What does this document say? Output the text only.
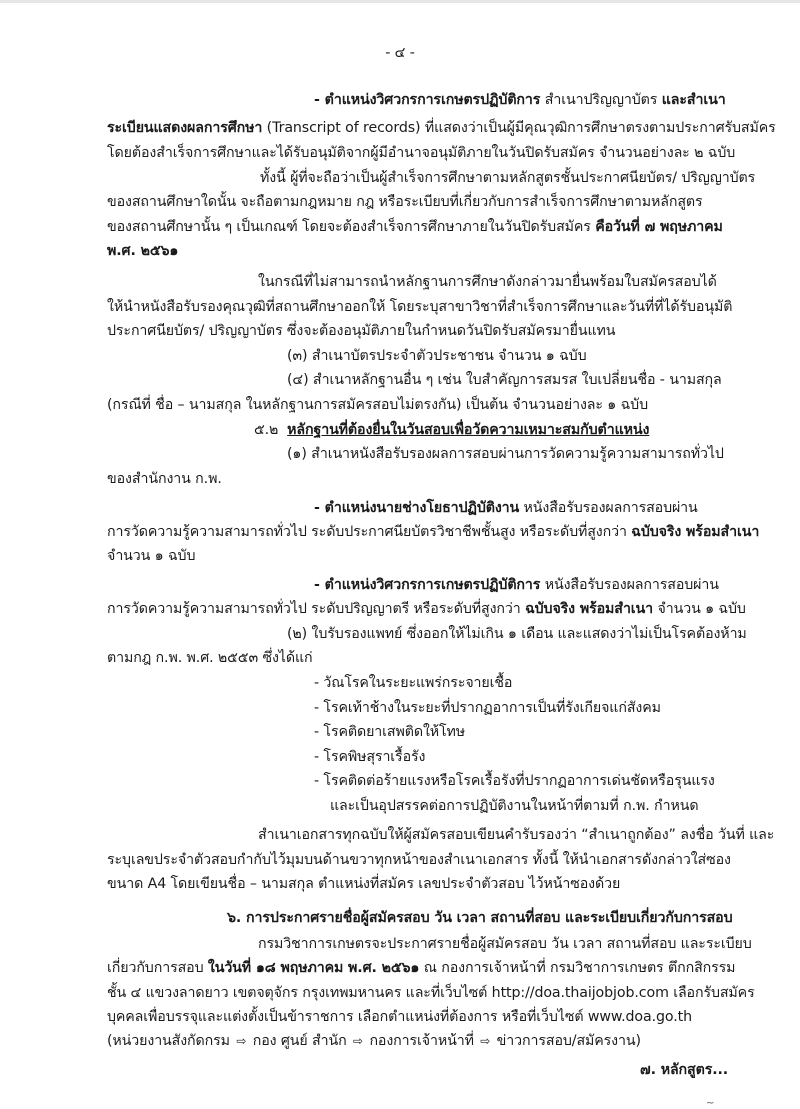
- ๔ -
- ตำแหน่งวิศวกรการเกษตรปฏิบัติการ สำเนาปริญญาบัตร และสำเนา
ระเบียนแสดงผลการศึกษา (Transcript of records) ที่แสดงว่าเป็นผู้มีคุณวุฒิการศึกษาตรงตามประกาศรับสมัคร
โดยต้องสำเร็จการศึกษาและได้รับอนุมัติจากผู้มีอำนาจอนุมัติภายในวันปิดรับสมัคร จำนวนอย่างละ ๒ ฉบับ
ทั้งนี้ ผู้ที่จะถือว่าเป็นผู้สำเร็จการศึกษาตามหลักสูตรชั้นประกาศนียบัตร/ ปริญญาบัตร
ของสถานศึกษาใดนั้น จะถือตามกฎหมาย กฎ หรือระเบียบที่เกี่ยวกับการสำเร็จการศึกษาตามหลักสูตร
ของสถานศึกษานั้น ๆ เป็นเกณฑ์ โดยจะต้องสำเร็จการศึกษาภายในวันปิดรับสมัคร คือวันที่ ๗ พฤษภาคม
พ.ศ. ๒๕๖๑
ในกรณีที่ไม่สามารถนำหลักฐานการศึกษาดังกล่าวมายื่นพร้อมใบสมัครสอบได้
ให้นำหนังสือรับรองคุณวุฒิที่สถานศึกษาออกให้ โดยระบุสาขาวิชาที่สำเร็จการศึกษาและวันที่ที่ได้รับอนุมัติ
ประกาศนียบัตร/ ปริญญาบัตร ซึ่งจะต้องอนุมัติภายในกำหนดวันปิดรับสมัครมายื่นแทน
(๓) สำเนาบัตรประจำตัวประชาชน จำนวน ๑ ฉบับ
(๔) สำเนาหลักฐานอื่น ๆ เช่น ใบสำคัญการสมรส ใบเปลี่ยนชื่อ - นามสกุล
(กรณีที่ ชื่อ – นามสกุล ในหลักฐานการสมัครสอบไม่ตรงกัน) เป็นต้น จำนวนอย่างละ ๑ ฉบับ
๕.๒ หลักฐานที่ต้องยื่นในวันสอบเพื่อวัดความเหมาะสมกับตำแหน่ง
(๑) สำเนาหนังสือรับรองผลการสอบผ่านการวัดความรู้ความสามารถทั่วไป
ของสำนักงาน ก.พ.
- ตำแหน่งนายช่างโยธาปฏิบัติงาน หนังสือรับรองผลการสอบผ่าน
การวัดความรู้ความสามารถทั่วไป ระดับประกาศนียบัตรวิชาชีพชั้นสูง หรือระดับที่สูงกว่า ฉบับจริง พร้อมสำเนา
จำนวน ๑ ฉบับ
- ตำแหน่งวิศวกรการเกษตรปฏิบัติการ หนังสือรับรองผลการสอบผ่าน
การวัดความรู้ความสามารถทั่วไป ระดับปริญญาตรี หรือระดับที่สูงกว่า ฉบับจริง พร้อมสำเนา จำนวน ๑ ฉบับ
(๒) ใบรับรองแพทย์ ซึ่งออกให้ไม่เกิน ๑ เดือน และแสดงว่าไม่เป็นโรคต้องห้าม
ตามกฎ ก.พ. พ.ศ. ๒๕๕๓ ซึ่งได้แก่
- วัณโรคในระยะแพร่กระจายเชื้อ
- โรคเท้าช้างในระยะที่ปรากฏอาการเป็นที่รังเกียจแก่สังคม
- โรคติดยาเสพติดให้โทษ
- โรคพิษสุราเรื้อรัง
- โรคติดต่อร้ายแรงหรือโรคเรื้อรังที่ปรากฏอาการเด่นชัดหรือรุนแรง
และเป็นอุปสรรคต่อการปฏิบัติงานในหน้าที่ตามที่ ก.พ. กำหนด
สำเนาเอกสารทุกฉบับให้ผู้สมัครสอบเขียนคำรับรองว่า “สำเนาถูกต้อง” ลงชื่อ วันที่ และ
ระบุเลขประจำตัวสอบกำกับไว้มุมบนด้านขวาทุกหน้าของสำเนาเอกสาร ทั้งนี้ ให้นำเอกสารดังกล่าวใส่ซอง
ขนาด A4 โดยเขียนชื่อ – นามสกุล ตำแหน่งที่สมัคร เลขประจำตัวสอบ ไว้หน้าซองด้วย
๖. การประกาศรายชื่อผู้สมัครสอบ วัน เวลา สถานที่สอบ และระเบียบเกี่ยวกับการสอบ
กรมวิชาการเกษตรจะประกาศรายชื่อผู้สมัครสอบ วัน เวลา สถานที่สอบ และระเบียบ
เกี่ยวกับการสอบ ในวันที่ ๑๘ พฤษภาคม พ.ศ. ๒๕๖๑ ณ กองการเจ้าหน้าที่ กรมวิชาการเกษตร ตึกกสิกรรม
ชั้น ๔ แขวงลาดยาว เขตจตุจักร กรุงเทพมหานคร และที่เว็บไซต์ http://doa.thaijobjob.com เลือกรับสมัคร
บุคคลเพื่อบรรจุและแต่งตั้งเป็นข้าราชการ เลือกตำแหน่งที่ต้องการ หรือที่เว็บไซต์ www.doa.go.th
(หน่วยงานสังกัดกรม ⇨ กอง ศูนย์ สำนัก ⇨ กองการเจ้าหน้าที่ ⇨ ข่าวการสอบ/สมัครงาน)
๗. หลักสูตร...
~
